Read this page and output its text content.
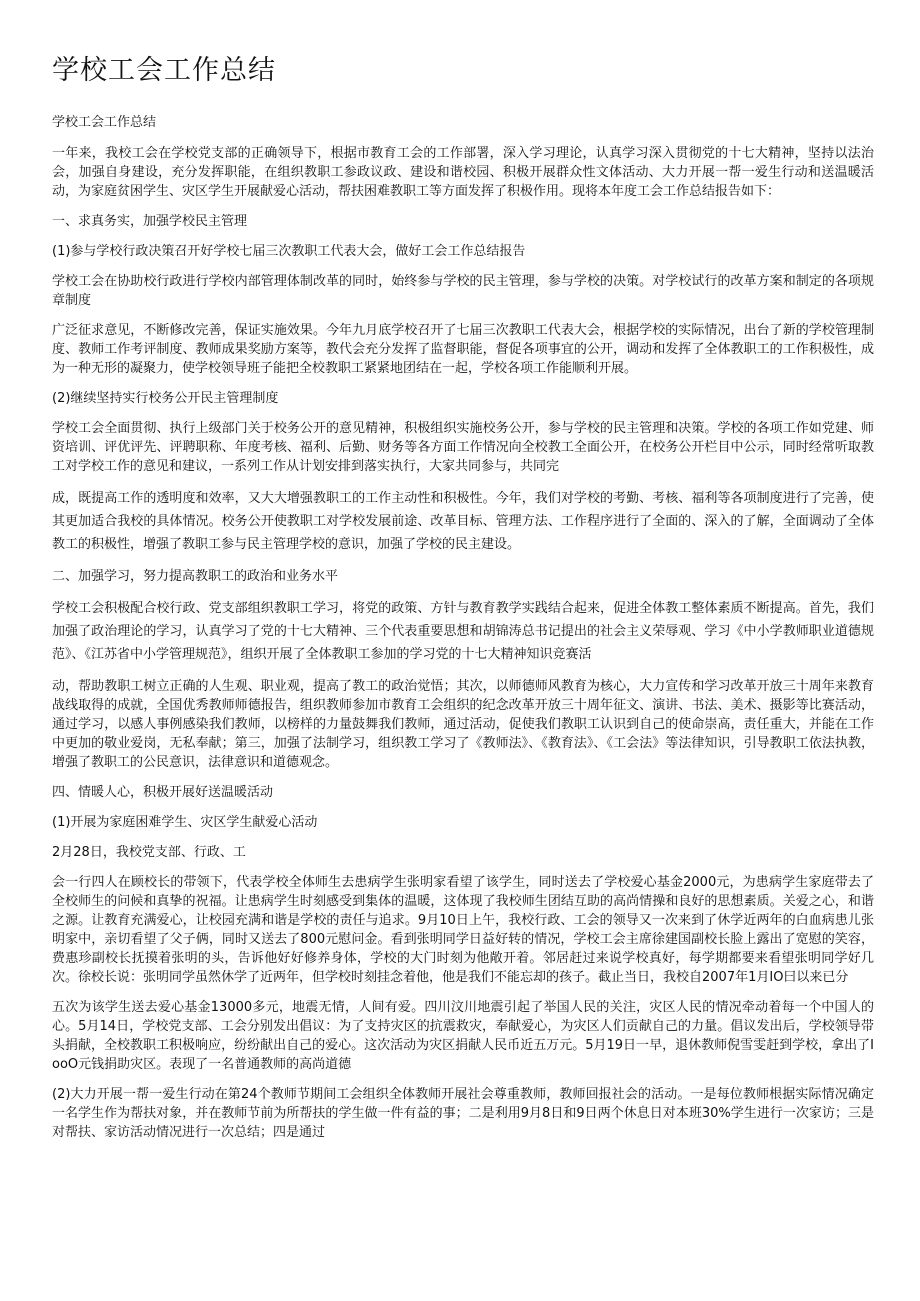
学校工会工作总结

学校工会工作总结

一年来，我校工会在学校党支部的正确领导下，根据市教育工会的工作部署，深入学习理论，认真学习深入贯彻党的十七大精神，坚持以法治会，加强自身建设，充分发挥职能，在组织教职工参政议政、建设和谐校园、积极开展群众性文体活动、大力开展一帮一爱生行动和送温暖活动，为家庭贫困学生、灾区学生开展献爱心活动，帮扶困难教职工等方面发挥了积极作用。现将本年度工会工作总结报告如下：

一、求真务实，加强学校民主管理

(1)参与学校行政决策召开好学校七届三次教职工代表大会，做好工会工作总结报告

学校工会在协助校行政进行学校内部管理体制改革的同时，始终参与学校的民主管理，参与学校的决策。对学校试行的改革方案和制定的各项规章制度

广泛征求意见，不断修改完善，保证实施效果。今年九月底学校召开了七届三次教职工代表大会，根据学校的实际情况，出台了新的学校管理制度、教师工作考评制度、教师成果奖励方案等，教代会充分发挥了监督职能，督促各项事宜的公开，调动和发挥了全体教职工的工作积极性，成为一种无形的凝聚力，使学校领导班子能把全校教职工紧紧地团结在一起，学校各项工作能顺利开展。

(2)继续坚持实行校务公开民主管理制度

学校工会全面贯彻、执行上级部门关于校务公开的意见精神，积极组织实施校务公开，参与学校的民主管理和决策。学校的各项工作如党建、师资培训、评优评先、评聘职称、年度考核、福利、后勤、财务等各方面工作情况向全校教工全面公开，在校务公开栏目中公示，同时经常听取教工对学校工作的意见和建议，一系列工作从计划安排到落实执行，大家共同参与，共同完

成，既提高工作的透明度和效率，又大大增强教职工的工作主动性和积极性。今年，我们对学校的考勤、考核、福利等各项制度进行了完善，使其更加适合我校的具体情况。校务公开使教职工对学校发展前途、改革目标、管理方法、工作程序进行了全面的、深入的了解，全面调动了全体教工的积极性，增强了教职工参与民主管理学校的意识，加强了学校的民主建设。

二、加强学习，努力提高教职工的政治和业务水平

学校工会积极配合校行政、党支部组织教职工学习，将党的政策、方针与教育教学实践结合起来，促进全体教工整体素质不断提高。首先，我们加强了政治理论的学习，认真学习了党的十七大精神、三个代表重要思想和胡锦涛总书记提出的社会主义荣辱观、学习《中小学教师职业道德规范》、《江苏省中小学管理规范》，组织开展了全体教职工参加的学习党的十七大精神知识竞赛活

动，帮助教职工树立正确的人生观、职业观，提高了教工的政治觉悟；其次，以师德师风教育为核心，大力宣传和学习改革开放三十周年来教育战线取得的成就，全国优秀教师师德报告，组织教师参加市教育工会组织的纪念改革开放三十周年征文、演讲、书法、美术、摄影等比赛活动，通过学习，以感人事例感染我们教师，以榜样的力量鼓舞我们教师，通过活动，促使我们教职工认识到自己的使命崇高，责任重大，并能在工作中更加的敬业爱岗，无私奉献；第三，加强了法制学习，组织教工学习了《教师法》、《教育法》、《工会法》等法律知识，引导教职工依法执教，增强了教职工的公民意识，法律意识和道德观念。

四、情暖人心，积极开展好送温暖活动

(1)开展为家庭困难学生、灾区学生献爱心活动

2月28日，我校党支部、行政、工

会一行四人在顾校长的带领下，代表学校全体师生去患病学生张明家看望了该学生，同时送去了学校爱心基金2000元，为患病学生家庭带去了全校师生的问候和真挚的祝福。让患病学生时刻感受到集体的温暖，这体现了我校师生团结互助的高尚情操和良好的思想素质。关爱之心，和谐之源。让教育充满爱心，让校园充满和谐是学校的责任与追求。9月10日上午，我校行政、工会的领导又一次来到了休学近两年的白血病患儿张明家中，亲切看望了父子俩，同时又送去了800元慰问金。看到张明同学日益好转的情况，学校工会主席徐建国副校长脸上露出了宽慰的笑容，费惠珍副校长抚摸着张明的头，告诉他好好修养身体，学校的大门时刻为他敞开着。邻居赶过来说学校真好，每学期都要来看望张明同学好几次。徐校长说：张明同学虽然休学了近两年，但学校时刻挂念着他，他是我们不能忘却的孩子。截止当日，我校自2007年1月IO曰以来已分

五次为该学生送去爱心基金13000多元，地震无情，人间有爱。四川汶川地震引起了举国人民的关注，灾区人民的情况牵动着每一个中国人的心。5月14日，学校党支部、工会分别发出倡议：为了支持灾区的抗震救灾，奉献爱心，为灾区人们贡献自己的力量。倡议发出后，学校领导带头捐献，全校教职工积极响应，纷纷献出自己的爱心。这次活动为灾区捐献人民币近五万元。5月19日一早，退休教师倪雪雯赶到学校，拿出了IooO元钱捐助灾区。表现了一名普通教师的高尚道德

(2)大力开展一帮一爱生行动在第24个教师节期间工会组织全体教师开展社会尊重教师，教师回报社会的活动。一是每位教师根据实际情况确定一名学生作为帮扶对象，并在教师节前为所帮扶的学生做一件有益的事；二是利用9月8日和9日两个休息日对本班30%学生进行一次家访；三是对帮扶、家访活动情况进行一次总结；四是通过
